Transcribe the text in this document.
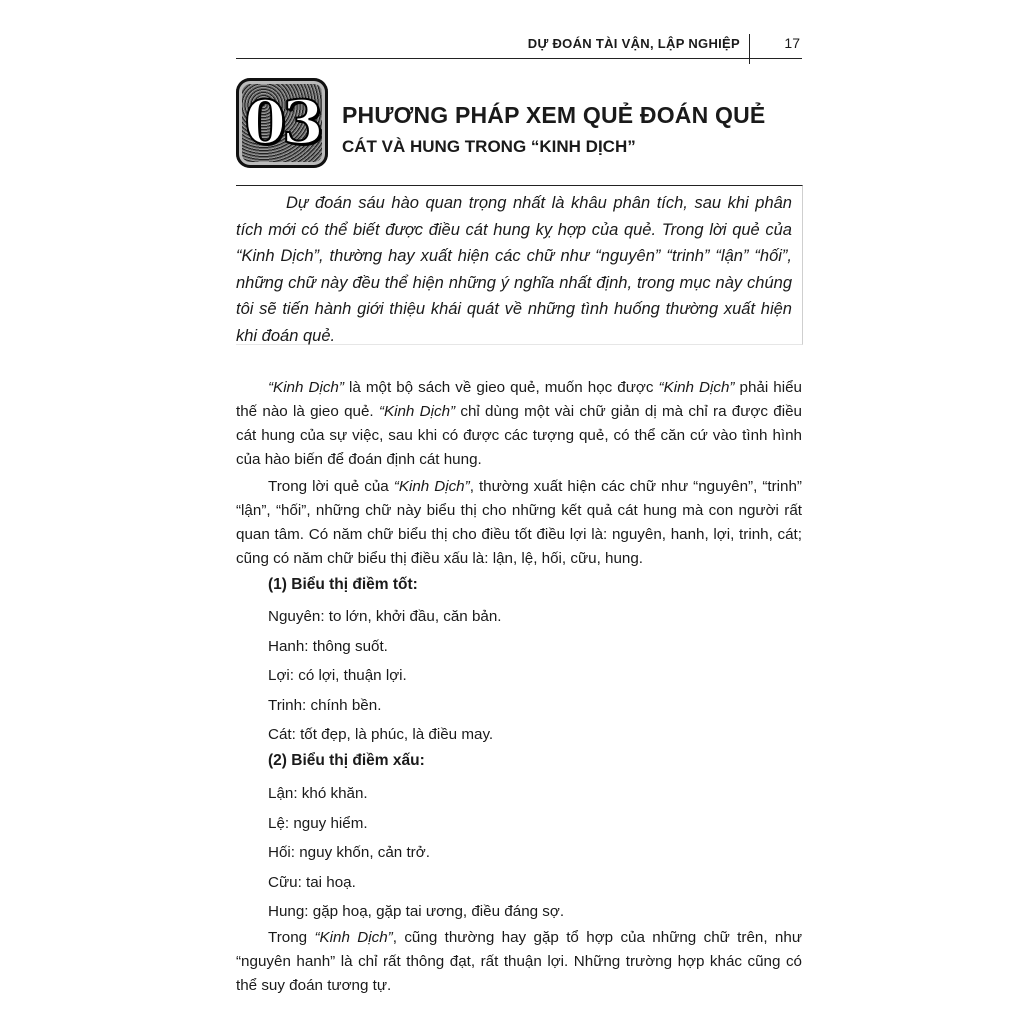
DỰ ĐOÁN TÀI VẬN, LẬP NGHIỆP	17
03 PHƯƠNG PHÁP XEM QUẺ ĐOÁN QUẺ
CÁT VÀ HUNG TRONG “KINH DỊCH”

Dự đoán sáu hào quan trọng nhất là khâu phân tích, sau khi phân tích mới có thể biết được điều cát hung kỵ hợp của quẻ. Trong lời quẻ của “Kinh Dịch”, thường hay xuất hiện các chữ như “nguyên” “trinh” “lận” “hối”, những chữ này đều thể hiện những ý nghĩa nhất định, trong mục này chúng tôi sẽ tiến hành giới thiệu khái quát về những tình huống thường xuất hiện khi đoán quẻ.

“Kinh Dịch” là một bộ sách về gieo quẻ, muốn học được “Kinh Dịch” phải hiểu thế nào là gieo quẻ. “Kinh Dịch” chỉ dùng một vài chữ giản dị mà chỉ ra được điều cát hung của sự việc, sau khi có được các tượng quẻ, có thể căn cứ vào tình hình của hào biến để đoán định cát hung.

Trong lời quẻ của “Kinh Dịch”, thường xuất hiện các chữ như “nguyên”, “trinh” “lận”, “hối”, những chữ này biểu thị cho những kết quả cát hung mà con người rất quan tâm. Có năm chữ biểu thị cho điều tốt điều lợi là: nguyên, hanh, lợi, trinh, cát; cũng có năm chữ biểu thị điều xấu là: lận, lệ, hối, cữu, hung.

(1) Biểu thị điềm tốt:

Nguyên: to lớn, khởi đầu, căn bản.
Hanh: thông suốt.
Lợi: có lợi, thuận lợi.
Trinh: chính bền.
Cát: tốt đẹp, là phúc, là điều may.

(2) Biểu thị điềm xấu:

Lận: khó khăn.
Lệ: nguy hiểm.
Hối: nguy khốn, cản trở.
Cữu: tai hoạ.
Hung: gặp hoạ, gặp tai ương, điều đáng sợ.

Trong “Kinh Dịch”, cũng thường hay gặp tổ hợp của những chữ trên, như “nguyên hanh” là chỉ rất thông đạt, rất thuận lợi. Những trường hợp khác cũng có thể suy đoán tương tự.
